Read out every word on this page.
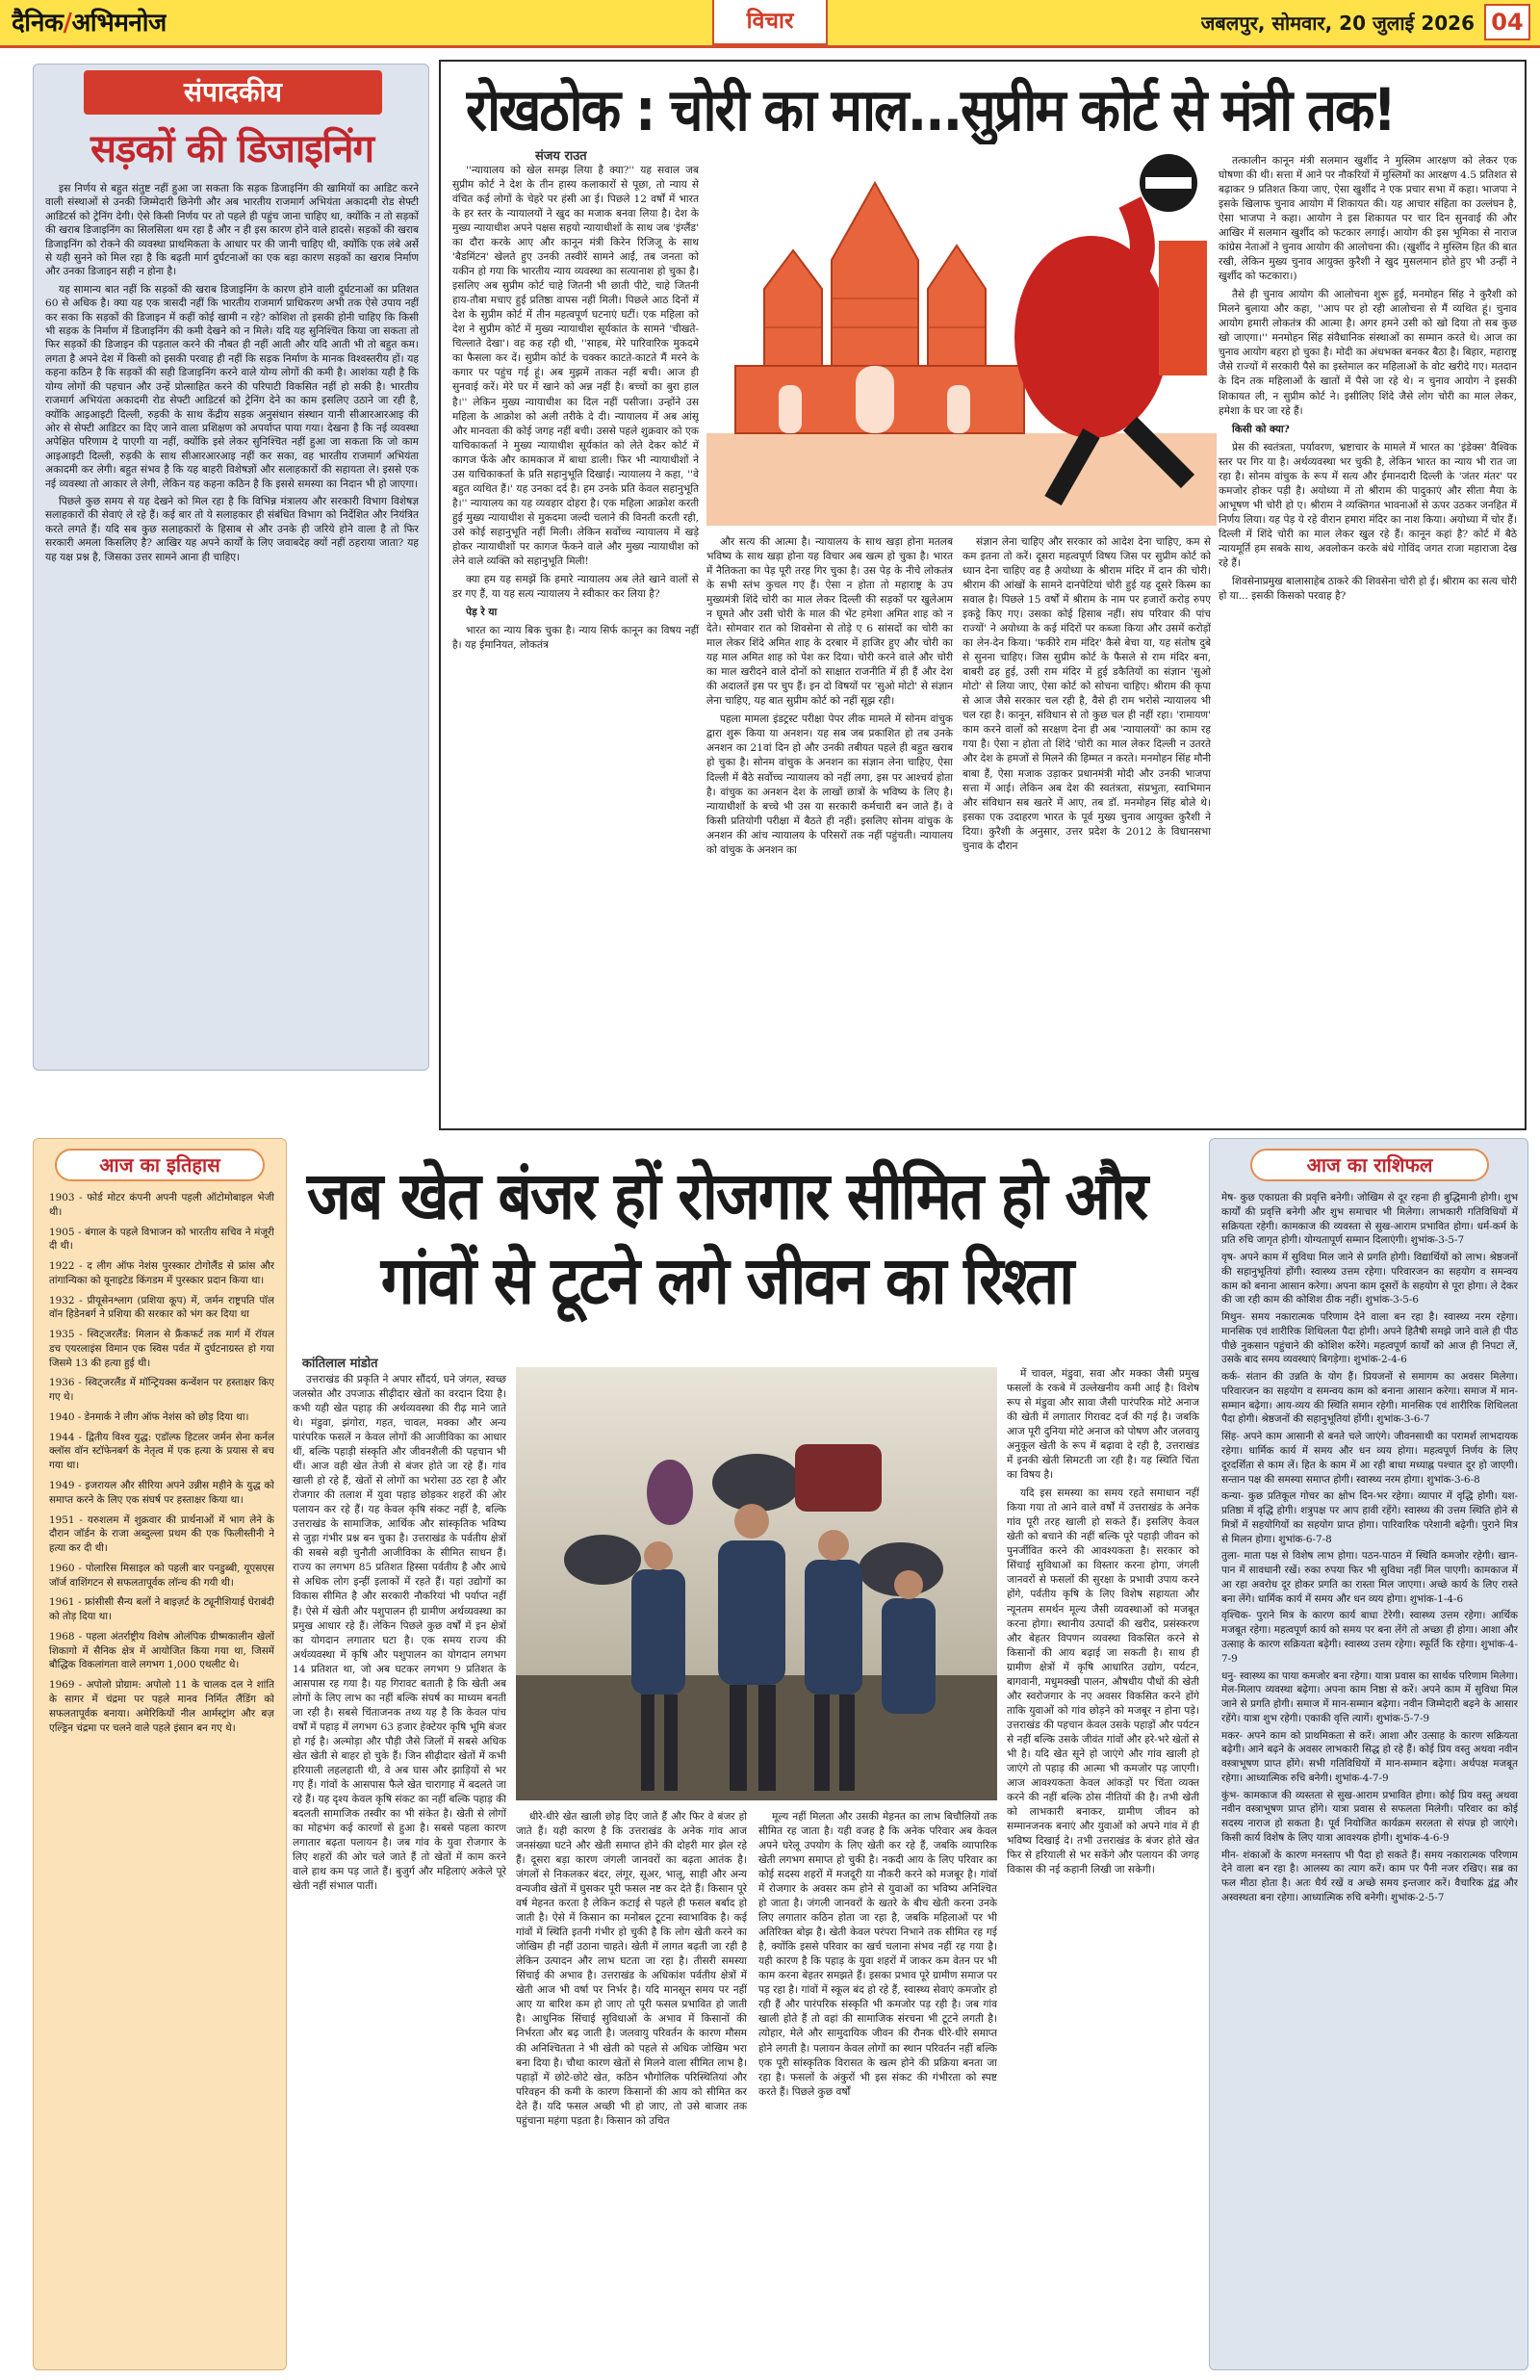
दैनिक/अभिमनोज	विचार	जबलपुर, सोमवार, 20 जुलाई 2026 04
संपादकीय
सड़कों की डिजाइनिंग

इस निर्णय से बहुत संतुष्ट नहीं हुआ जा सकता कि सड़क डिजाइनिंग की खामियों का आडिट करने वाली संस्थाओं से उनकी जिम्मेदारी छिनेगी और अब भारतीय राजमार्ग अभियंता अकादमी रोड सेफ्टी आडिटर्स को ट्रेनिंग देगी। ऐसे किसी निर्णय पर तो पहले ही पहुंच जाना चाहिए था, क्योंकि न तो सड़कों की खराब डिजाइनिंग का सिलसिला थम रहा है और न ही इस कारण होने वाले हादसे। सड़कों की खराब डिजाइनिंग को रोकने की व्यवस्था प्राथमिकता के आधार पर की जानी चाहिए थी, क्योंकि एक लंबे अर्से से यही सुनने को मिल रहा है कि बढ़ती मार्ग दुर्घटनाओं का एक बड़ा कारण सड़कों का खराब निर्माण और उनका डिजाइन सही न होना है।

यह सामान्य बात नहीं कि सड़कों की खराब डिजाइनिंग के कारण होने वाली दुर्घटनाओं का प्रतिशत 60 से अधिक है। क्या यह एक त्रासदी नहीं कि भारतीय राजमार्ग प्राधिकरण अभी तक ऐसे उपाय नहीं कर सका कि सड़कों की डिजाइन में कहीं कोई खामी न रहे? कोशिश तो इसकी होनी चाहिए कि किसी भी सड़क के निर्माण में डिजाइनिंग की कमी देखने को न मिले। यदि यह सुनिश्चित किया जा सकता तो फिर सड़कों की डिजाइन की पड़ताल करने की नौबत ही नहीं आती और यदि आती भी तो बहुत कम। लगता है अपने देश में किसी को इसकी परवाह ही नहीं कि सड़क निर्माण के मानक विश्वस्तरीय हों। यह कहना कठिन है कि सड़कों की सही डिजाइनिंग करने वाले योग्य लोगों की कमी है। आशंका यही है कि योग्य लोगों की पहचान और उन्हें प्रोत्साहित करने की परिपाटी विकसित नहीं हो सकी है। भारतीय राजमार्ग अभियंता अकादमी रोड सेफ्टी आडिटर्स को ट्रेनिंग देने का काम इसलिए उठाने जा रही है, क्योंकि आइआइटी दिल्ली, रुड़की के साथ केंद्रीय सड़क अनुसंधान संस्थान यानी सीआरआरआइ की ओर से सेफ्टी आडिटर का दिए जाने वाला प्रशिक्षण को अपर्याप्त पाया गया। देखना है कि नई व्यवस्था अपेक्षित परिणाम दे पाएगी या नहीं, क्योंकि इसे लेकर सुनिश्चित नहीं हुआ जा सकता कि जो काम आइआइटी दिल्ली, रुड़की के साथ सीआरआरआइ नहीं कर सका, वह भारतीय राजमार्ग अभियंता अकादमी कर लेगी। बहुत संभव है कि यह बाहरी विशेषज्ञों और सलाहकारों की सहायता ले। इससे एक नई व्यवस्था तो आकार ले लेगी, लेकिन यह कहना कठिन है कि इससे समस्या का निदान भी हो जाएगा।

पिछले कुछ समय से यह देखने को मिल रहा है कि विभिन्न मंत्रालय और सरकारी विभाग विशेषज्ञ सलाहकारों की सेवाएं ले रहे हैं। कई बार तो ये सलाहकार ही संबंधित विभाग को निर्देशित और नियंत्रित करते लगते हैं। यदि सब कुछ सलाहकारों के हिसाब से और उनके ही जरिये होने वाला है तो फिर सरकारी अमला किसलिए है? आखिर यह अपने कार्यों के लिए जवाबदेह क्यों नहीं ठहराया जाता? यह यह यक्ष प्रश्न है, जिसका उत्तर सामने आना ही चाहिए।

रोखठोक : चोरी का माल...सुप्रीम कोर्ट से मंत्री तक!
संजय राउत

''न्यायालय को खेल समझ लिया है क्या?'' यह सवाल जब सुप्रीम कोर्ट ने देश के तीन हास्य कलाकारों से पूछा, तो न्याय से वंचित कई लोगों के चेहरे पर हंसी आ ई। पिछले 12 वर्षों में भारत के हर स्तर के न्यायालयों ने खुद का मजाक बनवा लिया है। देश के मुख्य न्यायाधीश अपने पक्षस सहयो न्यायाधीशों के साथ जब 'इंग्लैंड' का दौरा करके आए और कानून मंत्री किरेन रिजिजू के साथ 'बैडमिंटन' खेलते हुए उनकी तस्वीरें सामने आईं, तब जनता को यकीन हो गया कि भारतीय न्याय व्यवस्था का सत्यानाश हो चुका है। इसलिए अब सुप्रीम कोर्ट चाहे जितनी भी छाती पीटे, चाहे जितनी हाय-तौबा मचाए हुई प्रतिष्ठा वापस नहीं मिली। पिछले आठ दिनों में देश के सुप्रीम कोर्ट में तीन महत्वपूर्ण घटनाएं घटीं। एक महिला को देश ने सुप्रीम कोर्ट में मुख्य न्यायाधीश सूर्यकांत के सामने 'चीखते-चिल्लाते देखा'। वह कह रही थी, ''साहब, मेरे पारिवारिक मुकदमे का फैसला कर दें। सुप्रीम कोर्ट के चक्कर काटते-काटते मैं मरने के कगार पर पहुंच गई हूं। अब मुझमें ताकत नहीं बची। आज ही सुनवाई करें। मेरे घर में खाने को अन्न नहीं है। बच्चों का बुरा हाल है।'' लेकिन मुख्य न्यायाधीश का दिल नहीं पसीजा। उन्होंने उस महिला के आक्रोश को अली तरीके दे दी। न्यायालय में अब आंसू और मानवता की कोई जगह नहीं बची। उससे पहले शुक्रवार को एक याचिकाकर्ता ने मुख्य न्यायाधीश सूर्यकांत को लेते देकर कोर्ट में कागज फेंके और कामकाज में बाधा डाली। फिर भी न्यायाधीशों ने उस याचिकाकर्ता के प्रति सहानुभूति दिखाई। न्यायालय ने कहा, ''वे बहुत व्यथित हैं।' यह उनका दर्द है। हम उनके प्रति केवल सहानुभूति है।'' न्यायालय का यह व्यवहार दोहरा है। एक महिला आक्रोश करती हुई मुख्य न्यायाधीश से मुकदमा जल्दी चलाने की विनती करती रही, उसे कोई सहानुभूति नहीं मिली। लेकिन सर्वोच्च न्यायालय में खड़े होकर न्यायाधीशों पर कागज फेंकने वाले और मुख्य न्यायाधीश को लेने वाले व्यक्ति को सहानुभूति मिली!

क्या हम यह समझें कि हमारे न्यायालय अब लेते खाने वालों से डर गए हैं, या यह सत्य न्यायालय ने स्वीकार कर लिया है?

पेड़ रे या

भारत का न्याय बिक चुका है। न्याय सिर्फ कानून का विषय नहीं है। यह ईमानियत, लोकतंत्र

और सत्य की आत्मा है। न्यायालय के साथ खड़ा होना मतलब भविष्य के साथ खड़ा होना यह विचार अब खत्म हो चुका है। भारत में नैतिकता का पेड़ पूरी तरह गिर चुका है। उस पेड़ के नीचे लोकतंत्र के सभी स्तंभ कुचल गए हैं। ऐसा न होता तो महाराष्ट्र के उप मुख्यमंत्री शिंदे चोरी का माल लेकर दिल्ली की सड़कों पर खुलेआम न घूमते और उसी चोरी के माल की भेंट हमेशा अमित शाह को न देते। सोमवार रात को शिवसेना से तोड़े ए 6 सांसदों का चोरी का माल लेकर शिंदे अमित शाह के दरबार में हाजिर हुए और चोरी का यह माल अमित शाह को पेश कर दिया। चोरी करने वाले और चोरी का माल खरीदने वाले दोनों को साक्षात राजनीति में ही हैं और देश की अदालतें इस पर चुप हैं। इन दो विषयों पर 'सुओ मोटो' से संज्ञान लेना चाहिए, यह बात सुप्रीम कोर्ट को नहीं सूझ रही।

पहला मामला इंडट्रस्ट परीक्षा पेपर लीक मामले में सोनम वांचुक द्वारा शुरू किया या अनशन। यह सब जब प्रकाशित हो तब उनके अनशन का 21वां दिन हो और उनकी तबीयत पहले ही बहुत खराब हो चुका है। सोनम वांचुक के अनशन का संज्ञान लेना चाहिए, ऐसा दिल्ली में बैठे सर्वोच्च न्यायालय को नहीं लगा, इस पर आश्चर्य होता है। वांचुक का अनशन देश के लाखों छात्रों के भविष्य के लिए है। न्यायाधीशों के बच्चे भी उस या सरकारी कर्मचारी बन जाते हैं। वे किसी प्रतियोगी परीक्षा में बैठते ही नहीं। इसलिए सोनम वांचुक के अनशन की आंच न्यायालय के परिसरों तक नहीं पहुंचती। न्यायालय को वांचुक के अनशन का

संज्ञान लेना चाहिए और सरकार को आदेश देना चाहिए, कम से कम इतना तो करें। दूसरा महत्वपूर्ण विषय जिस पर सुप्रीम कोर्ट को ध्यान देना चाहिए वह है अयोध्या के श्रीराम मंदिर में दान की चोरी। श्रीराम की आंखों के सामने दानपेटियां चोरी हुई यह दूसरे किस्म का सवाल है। पिछले 15 वर्षों में श्रीराम के नाम पर हजारों करोड़ रुपए इकट्ठे किए गए। उसका कोई हिसाब नहीं। संघ परिवार की पांच राज्यों' ने अयोध्या के कई मंदिरों पर कब्जा किया और उसमें करोड़ों का लेन-देन किया। 'फकीरे राम मंदिर' कैसे बेचा या, यह संतोष दुबे से सुनना चाहिए। जिस सुप्रीम कोर्ट के फैसले से राम मंदिर बना, बाबरी ढह हुई, उसी राम मंदिर में हुई डकैतियों का संज्ञान 'सुओ मोटो' से लिया जाए, ऐसा कोर्ट को सोचना चाहिए। श्रीराम की कृपा से आज जैसे सरकार चल रही है, वैसे ही राम भरोसे न्यायालय भी चल रहा है। कानून, संविधान से तो कुछ चल ही नहीं रहा। 'रामायण' काम करने वालों को सरक्षण देना ही अब 'न्यायालयों' का काम रह गया है। ऐसा न होता तो शिंदे 'चोरी का माल लेकर दिल्ली न उतरते और देश के हमजों से मिलने की हिम्मत न करते। मनमोहन सिंह मौनी बाबा हैं, ऐसा मजाक उड़ाकर प्रधानमंत्री मोदी और उनकी भाजपा सत्ता में आई। लेकिन अब देश की स्वतंत्रता, संप्रभुता, स्वाभिमान और संविधान सब खतरे में आए, तब डॉ. मनमोहन सिंह बोले थे। इसका एक उदाहरण भारत के पूर्व मुख्य चुनाव आयुक्त कुरैशी ने दिया। कुरैशी के अनुसार, उत्तर प्रदेश के 2012 के विधानसभा चुनाव के दौरान

तत्कालीन कानून मंत्री सलमान खुर्शीद ने मुस्लिम आरक्षण को लेकर एक घोषणा की थी। सत्ता में आने पर नौकरियों में मुस्लिमों का आरक्षण 4.5 प्रतिशत से बढ़ाकर 9 प्रतिशत किया जाए, ऐसा खुर्शीद ने एक प्रचार सभा में कहा। भाजपा ने इसके खिलाफ चुनाव आयोग में शिकायत की। यह आचार संहिता का उल्लंघन है, ऐसा भाजपा ने कहा। आयोग ने इस शिकायत पर चार दिन सुनवाई की और आखिर में सलमान खुर्शीद को फटकार लगाई। आयोग की इस भूमिका से नाराज कांग्रेस नेताओं ने चुनाव आयोग की आलोचना की। (खुर्शीद ने मुस्लिम हित की बात रखी, लेकिन मुख्य चुनाव आयुक्त कुरैशी ने खुद मुसलमान होते हुए भी उन्हीं ने खुर्शीद को फटकारा।)

तैसे ही चुनाव आयोग की आलोचना शुरू हुई, मनमोहन सिंह ने कुरैशी को मिलने बुलाया और कहा, ''आप पर हो रही आलोचना से मैं व्यथित हूं। चुनाव आयोग हमारी लोकतंत्र की आत्मा है। अगर हमने उसी को खो दिया तो सब कुछ खो जाएगा।'' मनमोहन सिंह संवैधानिक संस्थाओं का सम्मान करते थे। आज का चुनाव आयोग बहरा हो चुका है। मोदी का अंधभक्त बनकर बैठा है। बिहार, महाराष्ट्र जैसे राज्यों में सरकारी पैसे का इस्तेमाल कर महिलाओं के वोट खरीदे गए। मतदान के दिन तक महिलाओं के खातों में पैसे जा रहे थे। न चुनाव आयोग ने इसकी शिकायत ली, न सुप्रीम कोर्ट ने। इसीलिए शिंदे जैसे लोग चोरी का माल लेकर, हमेशा के घर जा रहे हैं।

किसी को क्या?

प्रेस की स्वतंत्रता, पर्यावरण, भ्रष्टाचार के मामले में भारत का 'इंडेक्स' वैश्विक स्तर पर गिर या है। अर्थव्यवस्था भर चुकी है, लेकिन भारत का न्याय भी रात जा रहा है। सोनम वांचुक के रूप में सत्य और ईमानदारी दिल्ली के 'जंतर मंतर' पर कमजोर होकर पड़ी है। अयोध्या में तो श्रीराम की पादुकाएं और सीता मैया के आभूषण भी चोरी हो ए। श्रीराम ने व्यक्तिगत भावनाओं से ऊपर उठकर जनहित में निर्णय लिया। यह पेड़ ये रहे वीरान हमारा मंदिर का नाश किया। अयोध्या में चोर हैं। दिल्ली में शिंदे चोरी का माल लेकर खुल रहे हैं। कानून कहां है? कोर्ट में बैठे न्यायमूर्ति हम सबके साथ, अवलोकन करके बंधे गोविंद जगत राजा महाराजा देख रहे हैं।

शिवसेनाप्रमुख बालासाहेब ठाकरे की शिवसेना चोरी हो ई। श्रीराम का सत्य चोरी हो या... इसकी किसको परवाह है?

आज का इतिहास
1903 - फोर्ड मोटर कंपनी अपनी पहली ऑटोमोबाइल भेजी थी।
1905 - बंगाल के पहले विभाजन को भारतीय सचिव ने मंजूरी दी थी।
1922 - द लीग ऑफ नेशंस पुरस्कार टोगोलैंड से फ्रांस और तांगान्यिका को यूनाइटेड किंगडम में पुरस्कार प्रदान किया था।
1932 - प्रीयूसेनश्लाग (प्रशिया कूप) में, जर्मन राष्ट्रपति पॉल वॉन हिडेनबर्ग ने प्रशिया की सरकार को भंग कर दिया था
1935 - स्विट्जरलैंड: मिलान से फ्रैंकफर्ट तक मार्ग में रॉयल डच एयरलाइंस विमान एक स्विस पर्वत में दुर्घटनाग्रस्त हो गया जिसमे 13 की हत्या हुई थी।
1936 - स्विट्जरलैंड में मॉन्ट्रियक्स कन्वेंशन पर हस्ताक्षर किए गए थे।
1940 - डेनमार्क ने लीग ऑफ नेशंस को छोड़ दिया था।
1944 - द्वितीय विश्व युद्ध: एडॉल्फ हिटलर जर्मन सेना कर्नल क्लॉस वॉन स्टॉफेनबर्ग के नेतृत्व में एक हत्या के प्रयास से बच गया था।
1949 - इजरायल और सीरिया अपने उन्नीस महीने के युद्ध को समाप्त करने के लिए एक संघर्ष पर हस्ताक्षर किया था।
1951 - यरुशलम में शुक्रवार की प्रार्थनाओं में भाग लेने के दौरान जॉर्डन के राजा अब्दुल्ला प्रथम की एक फिलीस्तीनी ने हत्या कर दी थी।
1960 - पोलारिस मिसाइल को पहली बार पनडुब्बी, यूएसएस जॉर्ज वाशिंगटन से सफलतापूर्वक लॉन्च की गयी थी।
1961 - फ्रांसीसी सैन्य बलों ने बाइज़र्ट के ट्यूनीशियाई घेराबंदी को तोड़ दिया था।
1968 - पहला अंतर्राष्ट्रीय विशेष ओलंपिक ग्रीष्मकालीन खेलों शिकागो में सैनिक क्षेत्र में आयोजित किया गया था, जिसमें बौद्धिक विकलांगता वाले लगभग 1,000 एथलीट थे।
1969 - अपोलो प्रोग्राम: अपोलो 11 के चालक दल ने शांति के सागर में चंद्रमा पर पहले मानव निर्मित लैंडिंग को सफलतापूर्वक बनाया। अमेरिकियों नील आर्मस्ट्रांग और बज़ एल्ड्रिन चंद्रमा पर चलने वाले पहले इंसान बन गए थे।
जब खेत बंजर हों रोजगार सीमित हो और
गांवों से टूटने लगे जीवन का रिश्ता
कांतिलाल मांडोत

उत्तराखंड की प्रकृति ने अपार सौंदर्य, घने जंगल, स्वच्छ जलस्रोत और उपजाऊ सीढ़ीदार खेतों का वरदान दिया है। कभी यही खेत पहाड़ की अर्थव्यवस्था की रीढ़ माने जाते थे। मंडुवा, झंगोरा, गहत, चावल, मक्का और अन्य पारंपरिक फसलें न केवल लोगों की आजीविका का आधार थीं, बल्कि पहाड़ी संस्कृति और जीवनशैली की पहचान भी थीं। आज वही खेत तेजी से बंजर होते जा रहे हैं। गांव खाली हो रहे हैं, खेतों से लोगों का भरोसा उठ रहा है और रोजगार की तलाश में युवा पहाड़ छोड़कर शहरों की ओर पलायन कर रहे हैं। यह केवल कृषि संकट नहीं है, बल्कि उत्तराखंड के सामाजिक, आर्थिक और सांस्कृतिक भविष्य से जुड़ा गंभीर प्रश्न बन चुका है। उत्तराखंड के पर्वतीय क्षेत्रों की सबसे बड़ी चुनौती आजीविका के सीमित साधन हैं। राज्य का लगभग 85 प्रतिशत हिस्सा पर्वतीय है और आधे से अधिक लोग इन्हीं इलाकों में रहते हैं। यहां उद्योगों का विकास सीमित है और सरकारी नौकरियां भी पर्याप्त नहीं हैं। ऐसे में खेती और पशुपालन ही ग्रामीण अर्थव्यवस्था का प्रमुख आधार रहे हैं। लेकिन पिछले कुछ वर्षों में इन क्षेत्रों का योगदान लगातार घटा है। एक समय राज्य की अर्थव्यवस्था में कृषि और पशुपालन का योगदान लगभग 14 प्रतिशत था, जो अब घटकर लगभग 9 प्रतिशत के आसपास रह गया है। यह गिरावट बताती है कि खेती अब लोगों के लिए लाभ का नहीं बल्कि संघर्ष का माध्यम बनती जा रही है। सबसे चिंताजनक तथ्य यह है कि केवल पांच वर्षों में पहाड़ में लगभग 63 हजार हेक्टेयर कृषि भूमि बंजर हो गई है। अल्मोड़ा और पौड़ी जैसे जिलों में सबसे अधिक खेत खेती से बाहर हो चुके हैं। जिन सीढ़ीदार खेतों में कभी हरियाली लहलहाती थी, वे अब घास और झाड़ियों से भर गए हैं। गांवों के आसपास फैले खेत चारागाह में बदलते जा रहे हैं। यह दृश्य केवल कृषि संकट का नहीं बल्कि पहाड़ की बदलती सामाजिक तस्वीर का भी संकेत है। खेती से लोगों का मोहभंग कई कारणों से हुआ है। सबसे पहला कारण लगातार बढ़ता पलायन है। जब गांव के युवा रोजगार के लिए शहरों की ओर चले जाते हैं तो खेतों में काम करने वाले हाथ कम पड़ जाते हैं। बुजुर्ग और महिलाएं अकेले पूरे खेती नहीं संभाल पातीं।

धीरे-धीरे खेत खाली छोड़ दिए जाते हैं और फिर वे बंजर हो जाते हैं। यही कारण है कि उत्तराखंड के अनेक गांव आज जनसंख्या घटने और खेती समाप्त होने की दोहरी मार झेल रहे हैं। दूसरा बड़ा कारण जंगली जानवरों का बढ़ता आतंक है। जंगलों से निकलकर बंदर, लंगूर, सूअर, भालू, साही और अन्य वन्यजीव खेतों में घुसकर पूरी फसल नष्ट कर देते हैं। किसान पूरे वर्ष मेहनत करता है लेकिन कटाई से पहले ही फसल बर्बाद हो जाती है। ऐसे में किसान का मनोबल टूटना स्वाभाविक है। कई गांवों में स्थिति इतनी गंभीर हो चुकी है कि लोग खेती करने का जोखिम ही नहीं उठाना चाहते। खेती में लागत बढ़ती जा रही है लेकिन उत्पादन और लाभ घटता जा रहा है। तीसरी समस्या सिंचाई की अभाव है। उत्तराखंड के अधिकांश पर्वतीय क्षेत्रों में खेती आज भी वर्षा पर निर्भर है। यदि मानसून समय पर नहीं आए या बारिश कम हो जाए तो पूरी फसल प्रभावित हो जाती है। आधुनिक सिंचाई सुविधाओं के अभाव में किसानों की निर्भरता और बढ़ जाती है। जलवायु परिवर्तन के कारण मौसम की अनिश्चितता ने भी खेती को पहले से अधिक जोखिम भरा बना दिया है। चौथा कारण खेतों से मिलने वाला सीमित लाभ है। पहाड़ों में छोटे-छोटे खेत, कठिन भौगोलिक परिस्थितियां और परिवहन की कमी के कारण किसानों की आय को सीमित कर देते हैं। यदि फसल अच्छी भी हो जाए, तो उसे बाजार तक पहुंचाना महंगा पड़ता है। किसान को उचित

मूल्य नहीं मिलता और उसकी मेहनत का लाभ बिचौलियों तक सीमित रह जाता है। यही वजह है कि अनेक परिवार अब केवल अपने घरेलू उपयोग के लिए खेती कर रहे हैं, जबकि व्यापारिक खेती लगभग समाप्त हो चुकी है। नकदी आय के लिए परिवार का कोई सदस्य शहरों में मजदूरी या नौकरी करने को मजबूर है। गांवों में रोजगार के अवसर कम होने से युवाओं का भविष्य अनिश्चित हो जाता है। जंगली जानवरों के खतरे के बीच खेती करना उनके लिए लगातार कठिन होता जा रहा है, जबकि महिलाओं पर भी अतिरिक्त बोझ है। खेती केवल परंपरा निभाने तक सीमित रह गई है, क्योंकि इससे परिवार का खर्च चलाना संभव नहीं रह गया है। यही कारण है कि पहाड़ के युवा शहरों में जाकर कम वेतन पर भी काम करना बेहतर समझते हैं। इसका प्रभाव पूरे ग्रामीण समाज पर पड़ रहा है। गांवों में स्कूल बंद हो रहे हैं, स्वास्थ्य सेवाएं कमजोर हो रही हैं और पारंपरिक संस्कृति भी कमजोर पड़ रही है। जब गांव खाली होते हैं तो वहां की सामाजिक संरचना भी टूटने लगती है। त्योहार, मेले और सामुदायिक जीवन की रौनक धीरे-धीरे समाप्त होने लगती है। पलायन केवल लोगों का स्थान परिवर्तन नहीं बल्कि एक पूरी सांस्कृतिक विरासत के खत्म होने की प्रक्रिया बनता जा रहा है। फसलों के अंकुरों भी इस संकट की गंभीरता को स्पष्ट करते हैं। पिछले कुछ वर्षों

में चावल, मंडुवा, सवा और मक्का जैसी प्रमुख फसलों के रकबे में उल्लेखनीय कमी आई है। विशेष रूप से मंडुवा और सावा जैसी पारंपरिक मोटे अनाज की खेती में लगातार गिरावट दर्ज की गई है। जबकि आज पूरी दुनिया मोटे अनाज को पोषण और जलवायु अनुकूल खेती के रूप में बढ़ावा दे रही है, उत्तराखंड में इनकी खेती सिमटती जा रही है। यह स्थिति चिंता का विषय है।

यदि इस समस्या का समय रहते समाधान नहीं किया गया तो आने वाले वर्षों में उत्तराखंड के अनेक गांव पूरी तरह खाली हो सकते हैं। इसलिए केवल खेती को बचाने की नहीं बल्कि पूरे पहाड़ी जीवन को पुनर्जीवित करने की आवश्यकता है। सरकार को सिंचाई सुविधाओं का विस्तार करना होगा, जंगली जानवरों से फसलों की सुरक्षा के प्रभावी उपाय करने होंगे, पर्वतीय कृषि के लिए विशेष सहायता और न्यूनतम समर्थन मूल्य जैसी व्यवस्थाओं को मजबूत करना होगा। स्थानीय उत्पादों की खरीद, प्रसंस्करण और बेहतर विपणन व्यवस्था विकसित करने से किसानों की आय बढ़ाई जा सकती है। साथ ही ग्रामीण क्षेत्रों में कृषि आधारित उद्योग, पर्यटन, बागवानी, मधुमक्खी पालन, औषधीय पौधों की खेती और स्वरोजगार के नए अवसर विकसित करने होंगे ताकि युवाओं को गांव छोड़ने को मजबूर न होना पड़े। उत्तराखंड की पहचान केवल उसके पहाड़ों और पर्यटन से नहीं बल्कि उसके जीवंत गांवों और हरे-भरे खेतों से भी है। यदि खेत सूने हो जाएंगे और गांव खाली हो जाएंगे तो पहाड़ की आत्मा भी कमजोर पड़ जाएगी। आज आवश्यकता केवल आंकड़ों पर चिंता व्यक्त करने की नहीं बल्कि ठोस नीतियों की है। तभी खेती को लाभकारी बनाकर, ग्रामीण जीवन को सम्मानजनक बनाएं और युवाओं को अपने गांव में ही भविष्य दिखाई दे। तभी उत्तराखंड के बंजर होते खेत फिर से हरियाली से भर सकेंगे और पलायन की जगह विकास की नई कहानी लिखी जा सकेगी।

आज का राशिफल

मेष- कुछ एकाग्रता की प्रवृत्ति बनेगी। जोखिम से दूर रहना ही बुद्धिमानी होगी। शुभ कार्यों की प्रवृत्ति बनेगी और शुभ समाचार भी मिलेगा। लाभकारी गतिविधियों में सक्रियता रहेगी। कामकाज की व्यवस्ता से सुख-आराम प्रभावित होगा। धर्म-कर्म के प्रति रुचि जागृत होगी। योग्यतापूर्ण सम्मान दिलाएंगी। शुभांक-3-5-7

वृष- अपने काम में सुविधा मिल जाने से प्रगति होगी। विद्यार्थियों को लाभ। श्रेष्ठजनों की सहानुभूतियां होंगी। स्वास्थ्य उत्तम रहेगा। परिवारजन का सहयोग व समन्वय काम को बनाना आसान करेगा। अपना काम दूसरों के सहयोग से पूरा होगा। ले देकर की जा रही काम की कोशिश ठीक नहीं। शुभांक-3-5-6

मिथुन- समय नकारात्मक परिणाम देने वाला बन रहा है। स्वास्थ्य नरम रहेगा। मानसिक एवं शारीरिक शिथिलता पैदा होगी। अपने हितैषी समझे जाने वाले ही पीठ पीछे नुकसान पहुंचाने की कोशिश करेंगे। महत्वपूर्ण कार्यों को आज ही निपटा लें, उसके बाद समय व्यवस्थाएं बिगड़ेगा। शुभांक-2-4-6

कर्क- संतान की उन्नति के योग हैं। प्रियजनों से समागम का अवसर मिलेगा। परिवारजन का सहयोग व समन्वय काम को बनाना आसान करेगा। समाज में मान-सम्मान बढ़ेगा। आय-व्यय की स्थिति समान रहेगी। मानसिक एवं शारीरिक शिथिलता पैदा होगी। श्रेष्ठजनों की सहानुभूतियां होंगी। शुभांक-3-6-7

सिंह- अपने काम आसानी से बनते चले जाएंगे। जीवनसाथी का परामर्श लाभदायक रहेगा। धार्मिक कार्य में समय और धन व्यय होगा। महत्वपूर्ण निर्णय के लिए दूरदर्शिता से काम लें। हित के काम में आ रही बाधा मध्याह्न पश्चात दूर हो जाएगी। सन्तान पक्ष की समस्या समाप्त होगी। स्वास्थ्य नरम होगा। शुभांक-3-6-8

कन्या- कुछ प्रतिकूल गोचर का क्षोभ दिन-भर रहेगा। व्यापार में वृद्धि होगी। यश-प्रतिष्ठा में वृद्धि होगी। शत्रुपक्ष पर आप हावी रहेंगे। स्वास्थ्य की उत्तम स्थिति होने से मित्रों में सहयोगियों का सहयोग प्राप्त होगा। पारिवारिक परेशानी बढ़ेगी। पुराने मित्र से मिलन होगा। शुभांक-6-7-8

तुला- माता पक्ष से विशेष लाभ होगा। पठन-पाठन में स्थिति कमजोर रहेगी। खान-पान में सावधानी रखें। रुका रुपया फिर भी सुविधा नहीं मिल पाएगी। कामकाज में आ रहा अवरोध दूर होकर प्रगति का रास्ता मिल जाएगा। अच्छे कार्य के लिए रास्ते बना लेंगे। धार्मिक कार्य में समय और धन व्यय होगा। शुभांक-1-4-6

वृश्चिक- पुराने मित्र के कारण कार्य बाधा टेरेगी। स्वास्थ्य उत्तम रहेगा। आर्थिक मजबूत रहेगा। महत्वपूर्ण कार्य को समय पर बना लेंगे तो अच्छा ही होगा। आशा और उत्साह के कारण सक्रियता बढ़ेगी। स्वास्थ्य उत्तम रहेगा। स्फूर्ति कि रहेगा। शुभांक-4-7-9

धनु- स्वास्थ्य का पाया कमजोर बना रहेगा। यात्रा प्रवास का सार्थक परिणाम मिलेगा। मेल-मिलाप व्यवस्था बढ़ेगा। अपना काम निष्ठा से करें। अपने काम में सुविधा मिल जाने से प्रगति होगी। समाज में मान-सम्मान बढ़ेगा। नवीन जिम्मेदारी बढ़ने के आसार रहेंगे। यात्रा शुभ रहेगी। एकाकी वृत्ति त्यागें। शुभांक-5-7-9

मकर- अपने काम को प्राथमिकता से करें। आशा और उत्साह के कारण सक्रियता बढ़ेगी। आने बढ़ने के अवसर लाभकारी सिद्ध हो रहे हैं। कोई प्रिय वस्तु अथवा नवीन वस्त्राभूषण प्राप्त होंगे। सभी गतिविधियों में मान-सम्मान बढ़ेगा। अर्थपक्ष मजबूत रहेगा। आध्यात्मिक रुचि बनेगी। शुभांक-4-7-9

कुंभ- कामकाज की व्यस्तता से सुख-आराम प्रभावित होगा। कोई प्रिय वस्तु अथवा नवीन वस्त्राभूषण प्राप्त होंगे। यात्रा प्रवास से सफलता मिलेगी। परिवार का कोई सदस्य नाराज हो सकता है। पूर्व नियोजित कार्यक्रम सरलता से संपन्न हो जाएंगे। किसी कार्य विशेष के लिए यात्रा आवश्यक होगी। शुभांक-4-6-9

मीन- शंकाओं के कारण मनस्ताप भी पैदा हो सकते हैं। समय नकारात्मक परिणाम देने वाला बन रहा है। आलस्य का त्याग करें। काम पर पैनी नजर रखिए। सब्र का फल मीठा होता है। अतः धैर्य रखें व अच्छे समय इन्तजार करें। वैचारिक द्वंद्व और अस्वस्थता बना रहेगा। आध्यात्मिक रुचि बनेगी। शुभांक-2-5-7
